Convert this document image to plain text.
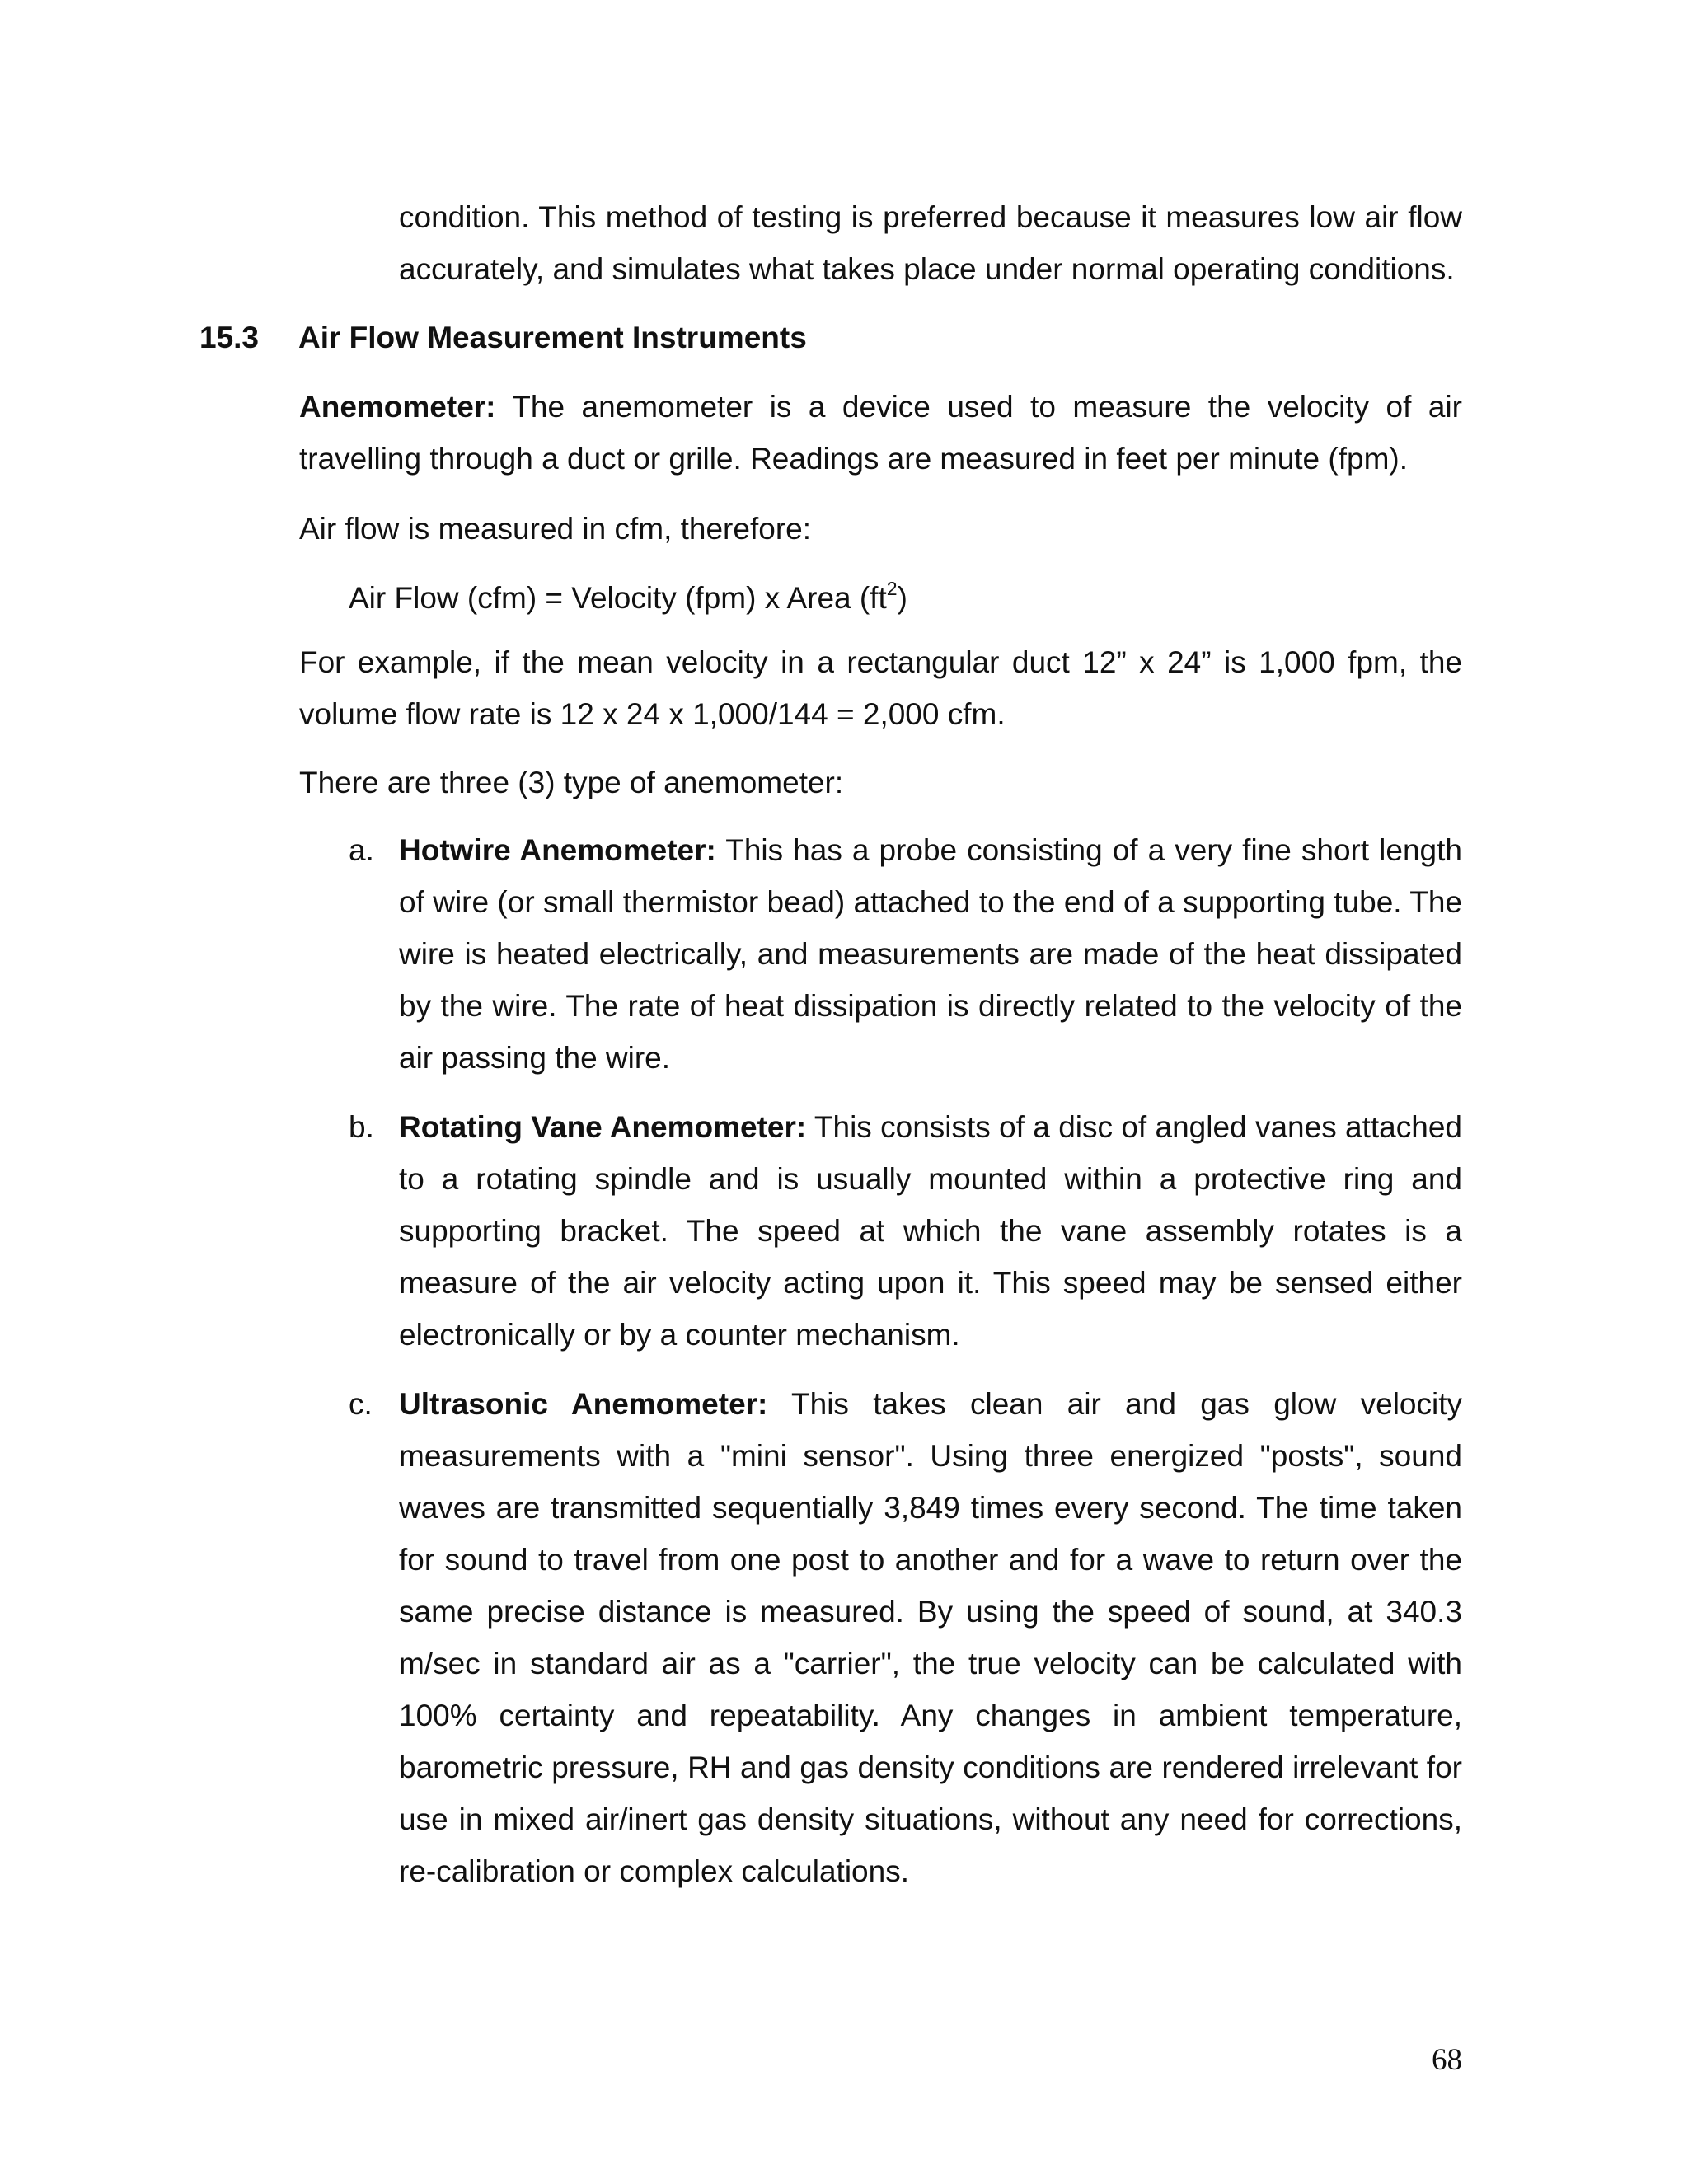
condition. This method of testing is preferred because it measures low air flow accurately, and simulates what takes place under normal operating conditions.

15.3 Air Flow Measurement Instruments

Anemometer: The anemometer is a device used to measure the velocity of air travelling through a duct or grille. Readings are measured in feet per minute (fpm).

Air flow is measured in cfm, therefore:

Air Flow (cfm) = Velocity (fpm) x Area $(ft^2)$

For example, if the mean velocity in a rectangular duct 12” x 24” is 1,000 fpm, the volume flow rate is 12 x 24 x 1,000/144 = 2,000 cfm.

There are three (3) type of anemometer:

a. Hotwire Anemometer: This has a probe consisting of a very fine short length of wire (or small thermistor bead) attached to the end of a supporting tube. The wire is heated electrically, and measurements are made of the heat dissipated by the wire. The rate of heat dissipation is directly related to the velocity of the air passing the wire.

b. Rotating Vane Anemometer: This consists of a disc of angled vanes attached to a rotating spindle and is usually mounted within a protective ring and supporting bracket. The speed at which the vane assembly rotates is a measure of the air velocity acting upon it. This speed may be sensed either electronically or by a counter mechanism.

c. Ultrasonic Anemometer: This takes clean air and gas glow velocity measurements with a "mini sensor". Using three energized "posts", sound waves are transmitted sequentially 3,849 times every second. The time taken for sound to travel from one post to another and for a wave to return over the same precise distance is measured. By using the speed of sound, at 340.3 m/sec in standard air as a "carrier", the true velocity can be calculated with 100% certainty and repeatability. Any changes in ambient temperature, barometric pressure, RH and gas density conditions are rendered irrelevant for use in mixed air/inert gas density situations, without any need for corrections, re-calibration or complex calculations.

68
